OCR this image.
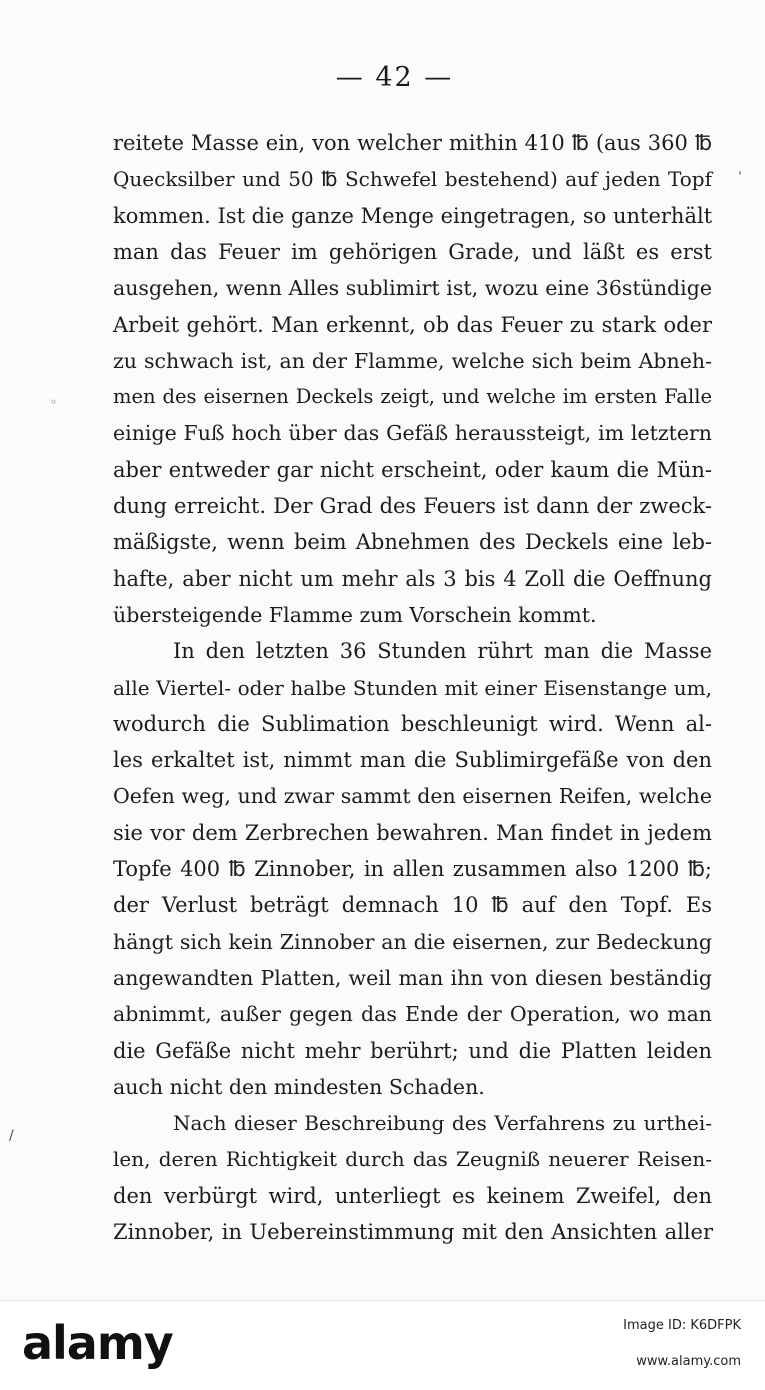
— 42 —
reitete Masse ein, von welcher mithin 410 ℔ (aus 360 ℔
Quecksilber und 50 ℔ Schwefel bestehend) auf jeden Topf
kommen. Ist die ganze Menge eingetragen, so unterhält
man das Feuer im gehörigen Grade, und läßt es erst
ausgehen, wenn Alles sublimirt ist, wozu eine 36stündige
Arbeit gehört. Man erkennt, ob das Feuer zu stark oder
zu schwach ist, an der Flamme, welche sich beim Abneh-
men des eisernen Deckels zeigt, und welche im ersten Falle
einige Fuß hoch über das Gefäß heraussteigt, im letztern
aber entweder gar nicht erscheint, oder kaum die Mün-
dung erreicht. Der Grad des Feuers ist dann der zweck-
mäßigste, wenn beim Abnehmen des Deckels eine leb-
hafte, aber nicht um mehr als 3 bis 4 Zoll die Oeffnung
übersteigende Flamme zum Vorschein kommt.
In den letzten 36 Stunden rührt man die Masse
alle Viertel- oder halbe Stunden mit einer Eisenstange um,
wodurch die Sublimation beschleunigt wird. Wenn al-
les erkaltet ist, nimmt man die Sublimirgefäße von den
Oefen weg, und zwar sammt den eisernen Reifen, welche
sie vor dem Zerbrechen bewahren. Man findet in jedem
Topfe 400 ℔ Zinnober, in allen zusammen also 1200 ℔;
der Verlust beträgt demnach 10 ℔ auf den Topf. Es
hängt sich kein Zinnober an die eisernen, zur Bedeckung
angewandten Platten, weil man ihn von diesen beständig
abnimmt, außer gegen das Ende der Operation, wo man
die Gefäße nicht mehr berührt; und die Platten leiden
auch nicht den mindesten Schaden.
Nach dieser Beschreibung des Verfahrens zu urthei-
len, deren Richtigkeit durch das Zeugniß neuerer Reisen-
den verbürgt wird, unterliegt es keinem Zweifel, den
Zinnober, in Uebereinstimmung mit den Ansichten aller
◦
ˈ
/
alamy	Image ID: K6DFPK
www.alamy.com
